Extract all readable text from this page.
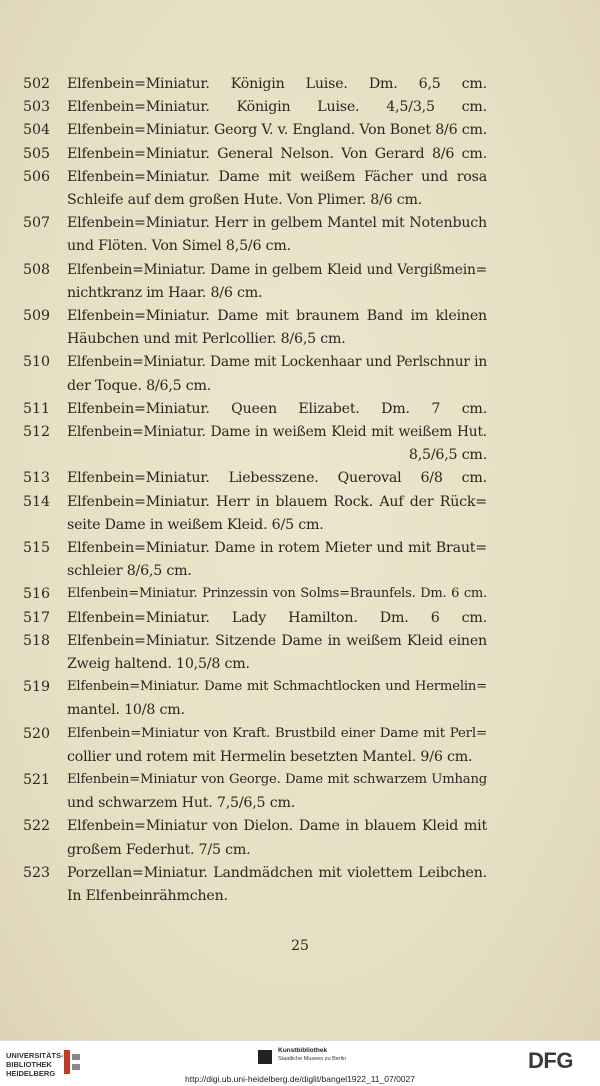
502	Elfenbein=Miniatur. Königin Luise. Dm. 6,5 cm.
503	Elfenbein=Miniatur. Königin Luise. 4,5/3,5 cm.
504	Elfenbein=Miniatur. Georg V. v. England. Von Bonet 8/6 cm.
505	Elfenbein=Miniatur. General Nelson. Von Gerard 8/6 cm.
506	Elfenbein=Miniatur. Dame mit weißem Fächer und rosa
Schleife auf dem großen Hute. Von Plimer. 8/6 cm.
507	Elfenbein=Miniatur. Herr in gelbem Mantel mit Notenbuch
und Flöten. Von Simel 8,5/6 cm.
508	Elfenbein=Miniatur. Dame in gelbem Kleid und Vergißmein=
nichtkranz im Haar. 8/6 cm.
509	Elfenbein=Miniatur. Dame mit braunem Band im kleinen
Häubchen und mit Perlcollier. 8/6,5 cm.
510	Elfenbein=Miniatur. Dame mit Lockenhaar und Perlschnur in
der Toque. 8/6,5 cm.
511	Elfenbein=Miniatur. Queen Elizabet. Dm. 7 cm.
512	Elfenbein=Miniatur. Dame in weißem Kleid mit weißem Hut.
8,5/6,5 cm.
513	Elfenbein=Miniatur. Liebesszene. Queroval 6/8 cm.
514	Elfenbein=Miniatur. Herr in blauem Rock. Auf der Rück=
seite Dame in weißem Kleid. 6/5 cm.
515	Elfenbein=Miniatur. Dame in rotem Mieter und mit Braut=
schleier 8/6,5 cm.
516	Elfenbein=Miniatur. Prinzessin von Solms=Braunfels. Dm. 6 cm.
517	Elfenbein=Miniatur. Lady Hamilton. Dm. 6 cm.
518	Elfenbein=Miniatur. Sitzende Dame in weißem Kleid einen
Zweig haltend. 10,5/8 cm.
519	Elfenbein=Miniatur. Dame mit Schmachtlocken und Hermelin=
mantel. 10/8 cm.
520	Elfenbein=Miniatur von Kraft. Brustbild einer Dame mit Perl=
collier und rotem mit Hermelin besetzten Mantel. 9/6 cm.
521	Elfenbein=Miniatur von George. Dame mit schwarzem Umhang
und schwarzem Hut. 7,5/6,5 cm.
522	Elfenbein=Miniatur von Dielon. Dame in blauem Kleid mit
großem Federhut. 7/5 cm.
523	Porzellan=Miniatur. Landmädchen mit violettem Leibchen.
In Elfenbeinrähmchen.
25
UNIVERSITÄTS-
BIBLIOTHEK
HEIDELBERG
Kunstbibliothek
Staatliche Museen zu Berlin	DFG
http://digi.ub.uni-heidelberg.de/diglit/bangel1922_11_07/0027
